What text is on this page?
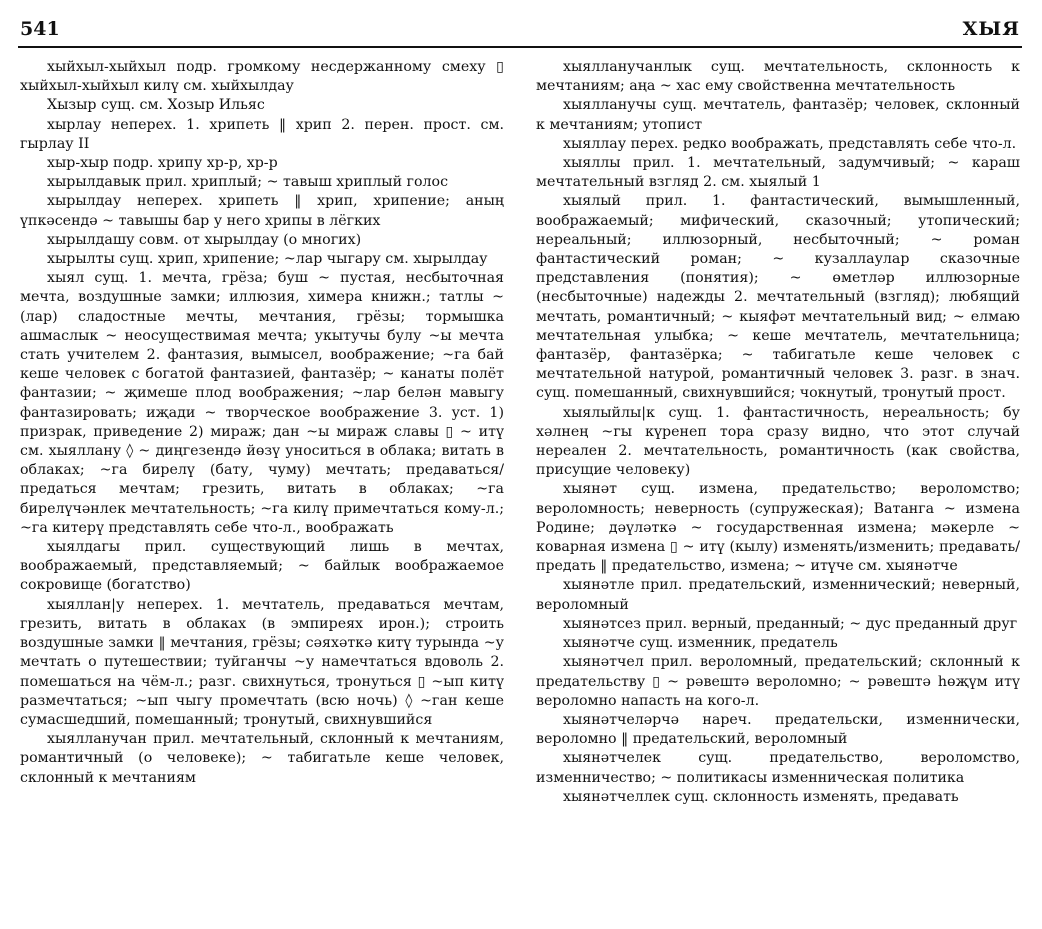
541	ХЫЯ

хыйхыл-хыйхыл подр. громкому несдержанному смеху ▯ хыйхыл-хыйхыл килү см. хыйхылдау

Хызыр сущ. см. Хозыр Ильяс

хырлау неперех. 1. хрипеть ‖ хрип 2. перен. прост. см. гырлау II

хыр-хыр подр. хрипу хр-р, хр-р

хырылдавык прил. хриплый; ~ тавыш хриплый голос

хырылдау неперех. хрипеть ‖ хрип, хрипение; аның үпкәсендә ~ тавышы бар у него хрипы в лёгких

хырылдашу совм. от хырылдау (о многих)

хырылты сущ. хрип, хрипение; ~лар чыгару см. хырылдау

хыял сущ. 1. мечта, грёза; буш ~ пустая, несбыточная мечта, воздушные замки; иллюзия, химера книжн.; татлы ~(лар) сладостные мечты, мечтания, грёзы; тормышка ашмаслык ~ неосуществимая мечта; укытучы булу ~ы мечта стать учителем 2. фантазия, вымысел, воображение; ~га бай кеше человек с богатой фантазией, фантазёр; ~ канаты полёт фантазии; ~ җимеше плод воображения; ~лар белән мавыгу фантазировать; иҗади ~ творческое воображение 3. уст. 1) призрак, приведение 2) мираж; дан ~ы мираж славы ▯ ~ итү см. хыяллану ◊ ~ диңгезендә йөзү уноситься в облака; витать в облаках; ~га бирелү (бату, чуму) мечтать; предаваться/предаться мечтам; грезить, витать в облаках; ~га бирелүчәнлек мечтательность; ~га килү примечтаться кому-л.; ~га китерү представлять себе что-л., воображать

хыялдагы прил. существующий лишь в мечтах, воображаемый, представляемый; ~ байлык воображаемое сокровище (богатство)

хыяллан|у неперех. 1. мечтатель, предаваться мечтам, грезить, витать в облаках (в эмпиреях ирон.); строить воздушные замки ‖ мечтания, грёзы; сәяхәткә китү турында ~у мечтать о путешествии; туйганчы ~у намечтаться вдоволь 2. помешаться на чём-л.; разг. свихнуться, тронуться ▯ ~ып китү размечтаться; ~ып чыгу промечтать (всю ночь) ◊ ~ган кеше сумасшедший, помешанный; тронутый, свихнувшийся

хыялланучан прил. мечтательный, склонный к мечтаниям, романтичный (о человеке); ~ табигатьле кеше человек, склонный к мечтаниям

хыялланучанлык сущ. мечтательность, склонность к мечтаниям; аңа ~ хас ему свойственна мечтательность

хыялланучы сущ. мечтатель, фантазёр; человек, склонный к мечтаниям; утопист

хыяллау перех. редко воображать, представлять себе что-л.

хыяллы прил. 1. мечтательный, задумчивый; ~ караш мечтательный взгляд 2. см. хыялый 1

хыялый прил. 1. фантастический, вымышленный, воображаемый; мифический, сказочный; утопический; нереальный; иллюзорный, несбыточный; ~ роман фантастический роман; ~ кузаллаулар сказочные представления (понятия); ~ өметләр иллюзорные (несбыточные) надежды 2. мечтательный (взгляд); любящий мечтать, романтичный; ~ кыяфәт мечтательный вид; ~ елмаю мечтательная улыбка; ~ кеше мечтатель, мечтательница; фантазёр, фантазёрка; ~ табигатьле кеше человек с мечтательной натурой, романтичный человек 3. разг. в знач. сущ. помешанный, свихнувшийся; чокнутый, тронутый прост.

хыялыйлы|к сущ. 1. фантастичность, нереальность; бу хәлнең ~гы күренеп тора сразу видно, что этот случай нереален 2. мечтательность, романтичность (как свойства, присущие человеку)

хыянәт сущ. измена, предательство; вероломство; вероломность; неверность (супружеская); Ватанга ~ измена Родине; дәүләткә ~ государственная измена; мәкерле ~ коварная измена ▯ ~ итү (кылу) изменять/изменить; предавать/предать ‖ предательство, измена; ~ итүче см. хыянәтче

хыянәтле прил. предательский, изменнический; неверный, вероломный

хыянәтсез прил. верный, преданный; ~ дус преданный друг

хыянәтче сущ. изменник, предатель

хыянәтчел прил. вероломный, предательский; склонный к предательству ▯ ~ рәвештә вероломно; ~ рәвештә һөҗүм итү вероломно напасть на кого-л.

хыянәтчеләрчә нареч. предательски, изменнически, вероломно ‖ предательский, вероломный

хыянәтчелек сущ. предательство, вероломство, изменничество; ~ политикасы изменническая политика

хыянәтчеллек сущ. склонность изменять, предавать
